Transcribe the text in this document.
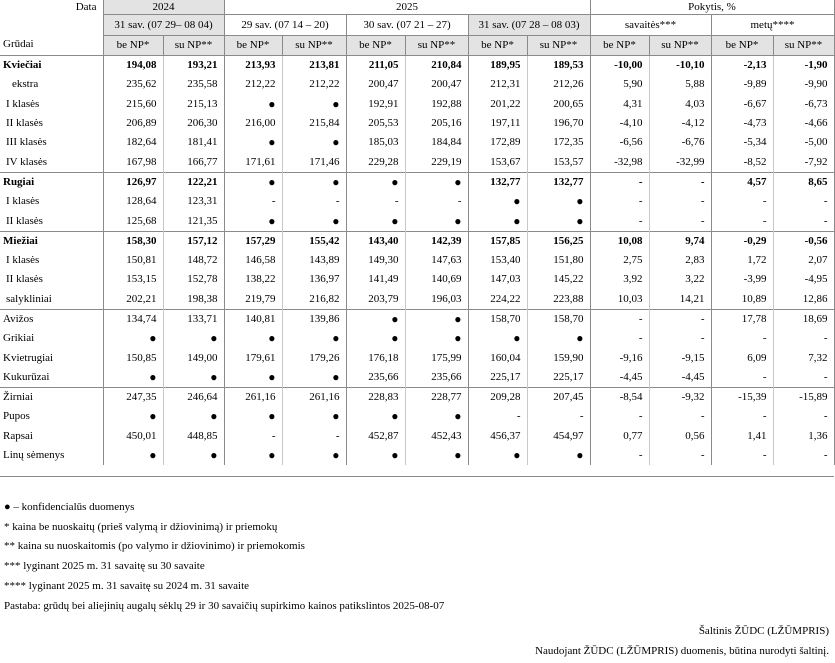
Data
Grūdai	2024		2025						Pokytis, %			
	31 sav. (07 29– 08 04)		29 sav. (07 14 – 20)		30 sav. (07 21 – 27)		31 sav. (07 28 – 08 03)		savaitės***		metų****	
	be NP*	su NP**	be NP*	su NP**	be NP*	su NP**	be NP*	su NP**	be NP*	su NP**	be NP*	su NP**
Kviečiai	194,08	193,21	213,93	213,81	211,05	210,84	189,95	189,53	-10,00	-10,10	-2,13	-1,90
ekstra	235,62	235,58	212,22	212,22	200,47	200,47	212,31	212,26	5,90	5,88	-9,89	-9,90
I klasės	215,60	215,13	●	●	192,91	192,88	201,22	200,65	4,31	4,03	-6,67	-6,73
II klasės	206,89	206,30	216,00	215,84	205,53	205,16	197,11	196,70	-4,10	-4,12	-4,73	-4,66
III klasės	182,64	181,41	●	●	185,03	184,84	172,89	172,35	-6,56	-6,76	-5,34	-5,00
IV klasės	167,98	166,77	171,61	171,46	229,28	229,19	153,67	153,57	-32,98	-32,99	-8,52	-7,92
Rugiai	126,97	122,21	●	●	●	●	132,77	132,77	-	-	4,57	8,65
I klasės	128,64	123,31	-	-	-	-	●	●	-	-	-	-
II klasės	125,68	121,35	●	●	●	●	●	●	-	-	-	-
Miežiai	158,30	157,12	157,29	155,42	143,40	142,39	157,85	156,25	10,08	9,74	-0,29	-0,56
I klasės	150,81	148,72	146,58	143,89	149,30	147,63	153,40	151,80	2,75	2,83	1,72	2,07
II klasės	153,15	152,78	138,22	136,97	141,49	140,69	147,03	145,22	3,92	3,22	-3,99	-4,95
salykliniai	202,21	198,38	219,79	216,82	203,79	196,03	224,22	223,88	10,03	14,21	10,89	12,86
Avižos	134,74	133,71	140,81	139,86	●	●	158,70	158,70	-	-	17,78	18,69
Grikiai	●	●	●	●	●	●	●	●	-	-	-	-
Kvietrugiai	150,85	149,00	179,61	179,26	176,18	175,99	160,04	159,90	-9,16	-9,15	6,09	7,32
Kukurūzai	●	●	●	●	235,66	235,66	225,17	225,17	-4,45	-4,45	-	-
Žirniai	247,35	246,64	261,16	261,16	228,83	228,77	209,28	207,45	-8,54	-9,32	-15,39	-15,89
Pupos	●	●	●	●	●	●	-	-	-	-	-	-
Rapsai	450,01	448,85	-	-	452,87	452,43	456,37	454,97	0,77	0,56	1,41	1,36
Linų sėmenys	●	●	●	●	●	●	●	●	-	-	-	-
● – konfidencialūs duomenys
* kaina be nuoskaitų (prieš valymą ir džiovinimą) ir priemokų
** kaina su nuoskaitomis (po valymo ir džiovinimo) ir priemokomis
*** lyginant 2025 m. 31 savaitę su 30 savaite
**** lyginant 2025 m. 31 savaitę su 2024 m. 31 savaite
Pastaba: grūdų bei aliejinių augalų sėklų 29 ir 30 savaičių supirkimo kainos patikslintos 2025-08-07
Šaltinis ŽŪDC (LŽŪMPRIS)
Naudojant ŽŪDC (LŽŪMPRIS) duomenis, būtina nurodyti šaltinį.
